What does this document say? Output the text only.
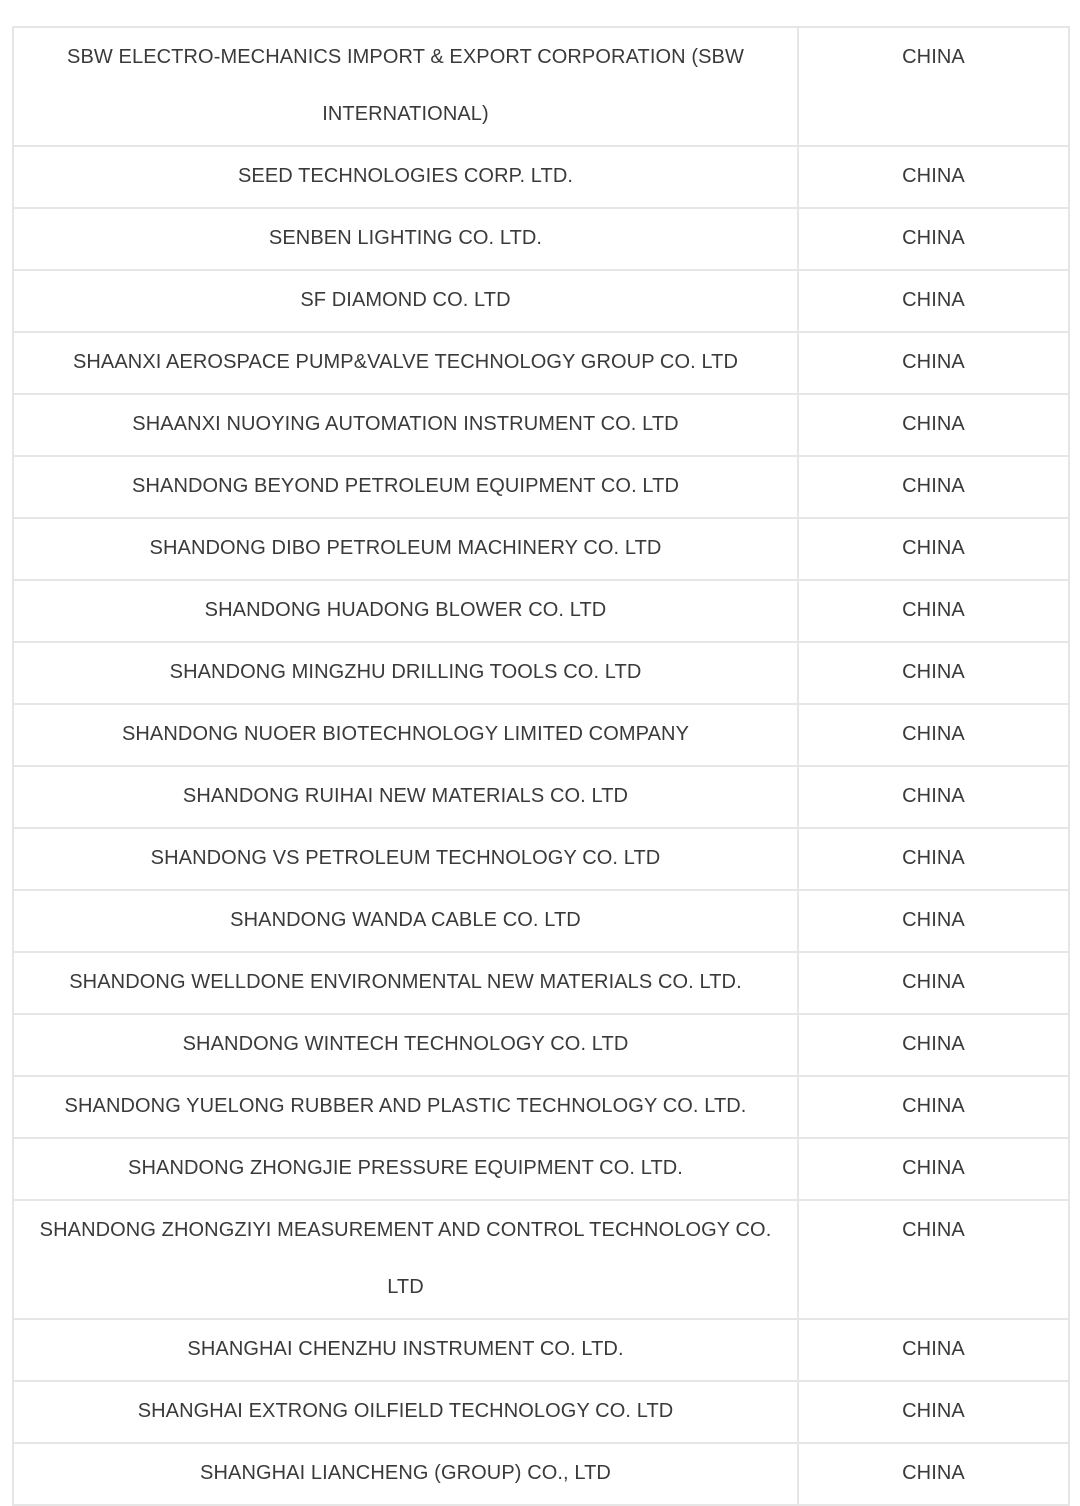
SBW ELECTRO-MECHANICS IMPORT & EXPORT CORPORATION (SBW INTERNATIONAL)	CHINA
SEED TECHNOLOGIES CORP. LTD.	CHINA
SENBEN LIGHTING CO. LTD.	CHINA
SF DIAMOND CO. LTD	CHINA
SHAANXI AEROSPACE PUMP&VALVE TECHNOLOGY GROUP CO. LTD	CHINA
SHAANXI NUOYING AUTOMATION INSTRUMENT CO. LTD	CHINA
SHANDONG BEYOND PETROLEUM EQUIPMENT CO. LTD	CHINA
SHANDONG DIBO PETROLEUM MACHINERY CO. LTD	CHINA
SHANDONG HUADONG BLOWER CO. LTD	CHINA
SHANDONG MINGZHU DRILLING TOOLS CO. LTD	CHINA
SHANDONG NUOER BIOTECHNOLOGY LIMITED COMPANY	CHINA
SHANDONG RUIHAI NEW MATERIALS CO. LTD	CHINA
SHANDONG VS PETROLEUM TECHNOLOGY CO. LTD	CHINA
SHANDONG WANDA CABLE CO. LTD	CHINA
SHANDONG WELLDONE ENVIRONMENTAL NEW MATERIALS CO. LTD.	CHINA
SHANDONG WINTECH TECHNOLOGY CO. LTD	CHINA
SHANDONG YUELONG RUBBER AND PLASTIC TECHNOLOGY CO. LTD.	CHINA
SHANDONG ZHONGJIE PRESSURE EQUIPMENT CO. LTD.	CHINA
SHANDONG ZHONGZIYI MEASUREMENT AND CONTROL TECHNOLOGY CO. LTD	CHINA
SHANGHAI CHENZHU INSTRUMENT CO. LTD.	CHINA
SHANGHAI EXTRONG OILFIELD TECHNOLOGY CO. LTD	CHINA
SHANGHAI LIANCHENG (GROUP) CO., LTD	CHINA
